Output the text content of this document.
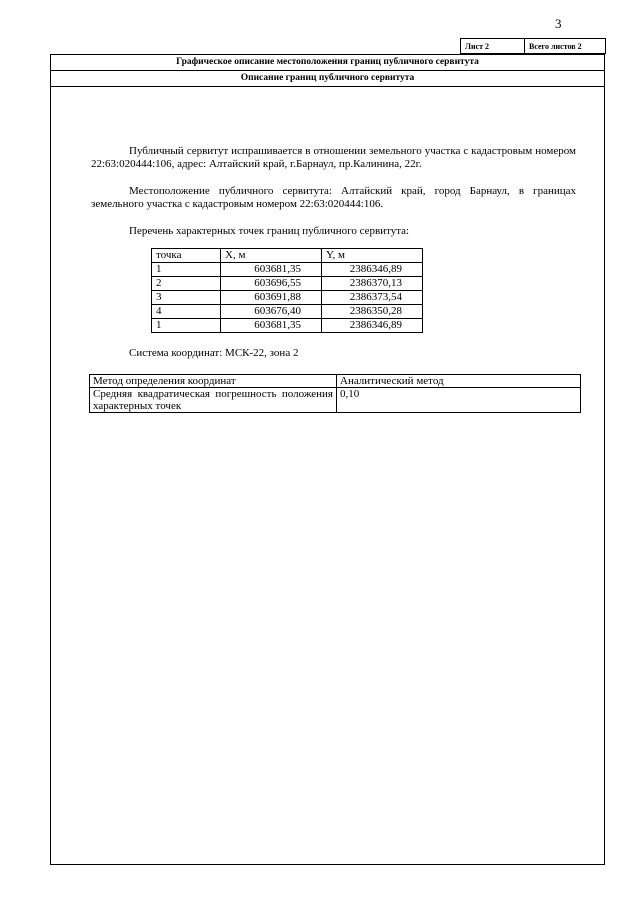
3
Лист 2	Всего листов 2
Графическое описание местоположения границ публичного сервитута
Описание границ публичного сервитута

Публичный сервитут испрашивается в отношении земельного участка с кадастровым номером 22:63:020444:106, адрес: Алтайский край, г.Барнаул, пр.Калинина, 22г.

Местоположение публичного сервитута: Алтайский край, город Барнаул, в границах земельного участка с кадастровым номером 22:63:020444:106.

Перечень характерных точек границ публичного сервитута:

точка	X, м	Y, м
1	603681,35	2386346,89
2	603696,55	2386370,13
3	603691,88	2386373,54
4	603676,40	2386350,28
1	603681,35	2386346,89

Система координат: МСК-22, зона 2

Метод определения координат	Аналитический метод
Средняя квадратическая погрешность положения характерных точек	0,10
